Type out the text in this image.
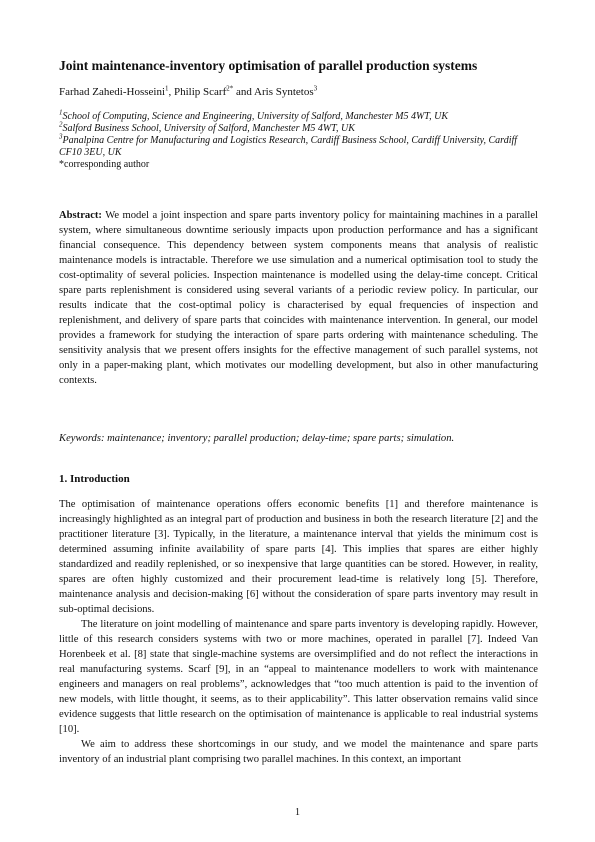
Joint maintenance-inventory optimisation of parallel production systems
Farhad Zahedi-Hosseini$^1$, Philip Scarf$^{2*}$ and Aris Syntetos$^3$
$^1$School of Computing, Science and Engineering, University of Salford, Manchester M5 4WT, UK
$^2$Salford Business School, University of Salford, Manchester M5 4WT, UK
$^3$Panalpina Centre for Manufacturing and Logistics Research, Cardiff Business School, Cardiff University, Cardiff CF10 3EU, UK
*corresponding author
Abstract: We model a joint inspection and spare parts inventory policy for maintaining machines in a parallel system, where simultaneous downtime seriously impacts upon production performance and has a significant financial consequence. This dependency between system components means that analysis of realistic maintenance models is intractable. Therefore we use simulation and a numerical optimisation tool to study the cost-optimality of several policies. Inspection maintenance is modelled using the delay-time concept. Critical spare parts replenishment is considered using several variants of a periodic review policy. In particular, our results indicate that the cost-optimal policy is characterised by equal frequencies of inspection and replenishment, and delivery of spare parts that coincides with maintenance intervention. In general, our model provides a framework for studying the interaction of spare parts ordering with maintenance scheduling. The sensitivity analysis that we present offers insights for the effective management of such parallel systems, not only in a paper-making plant, which motivates our modelling development, but also in other manufacturing contexts.
Keywords: maintenance; inventory; parallel production; delay-time; spare parts; simulation.
1. Introduction

The optimisation of maintenance operations offers economic benefits [1] and therefore maintenance is increasingly highlighted as an integral part of production and business in both the research literature [2] and the practitioner literature [3]. Typically, in the literature, a maintenance interval that yields the minimum cost is determined assuming infinite availability of spare parts [4]. This implies that spares are either highly standardized and readily replenished, or so inexpensive that large quantities can be stored. However, in reality, spares are often highly customized and their procurement lead-time is relatively long [5]. Therefore, maintenance analysis and decision-making [6] without the consideration of spare parts inventory may result in sub-optimal decisions.

The literature on joint modelling of maintenance and spare parts inventory is developing rapidly. However, little of this research considers systems with two or more machines, operated in parallel [7]. Indeed Van Horenbeek et al. [8] state that single-machine systems are oversimplified and do not reflect the interactions in real manufacturing systems. Scarf [9], in an “appeal to maintenance modellers to work with maintenance engineers and managers on real problems”, acknowledges that “too much attention is paid to the invention of new models, with little thought, it seems, as to their applicability”. This latter observation remains valid since evidence suggests that little research on the optimisation of maintenance is applicable to real industrial systems [10].

We aim to address these shortcomings in our study, and we model the maintenance and spare parts inventory of an industrial plant comprising two parallel machines. In this context, an important

1
